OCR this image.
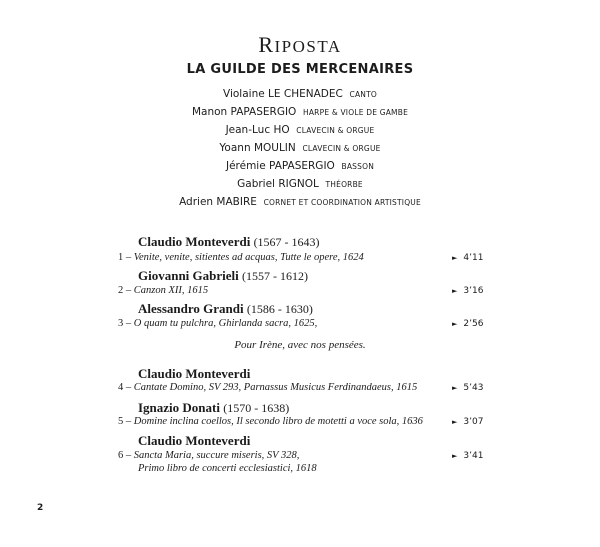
RIPOSTA
LA GUILDE DES MERCENAIRES
Violaine LE CHENADEC CANTO
Manon PAPASERGIO HARPE & VIOLE DE GAMBE
Jean-Luc HO CLAVECIN & ORGUE
Yoann MOULIN CLAVECIN & ORGUE
Jérémie PAPASERGIO BASSON
Gabriel RIGNOL THÉORBE
Adrien MABIRE CORNET ET COORDINATION ARTISTIQUE
Claudio Monteverdi (1567 - 1643)
1 – Venite, venite, sitientes ad acquas, Tutte le opere, 1624	► 4’11
Giovanni Gabrieli (1557 - 1612)
2 – Canzon XII, 1615	► 3’16
Alessandro Grandi (1586 - 1630)
3 – O quam tu pulchra, Ghirlanda sacra, 1625,	► 2’56
Pour Irène, avec nos pensées.
Claudio Monteverdi
4 – Cantate Domino, SV 293, Parnassus Musicus Ferdinandaeus, 1615	► 5’43
Ignazio Donati (1570 - 1638)
5 – Domine inclina coellos, Il secondo libro de motetti a voce sola, 1636	► 3’07
Claudio Monteverdi
6 – Sancta Maria, succure miseris, SV 328,
Primo libro de concerti ecclesiastici, 1618
► 3’41
2
